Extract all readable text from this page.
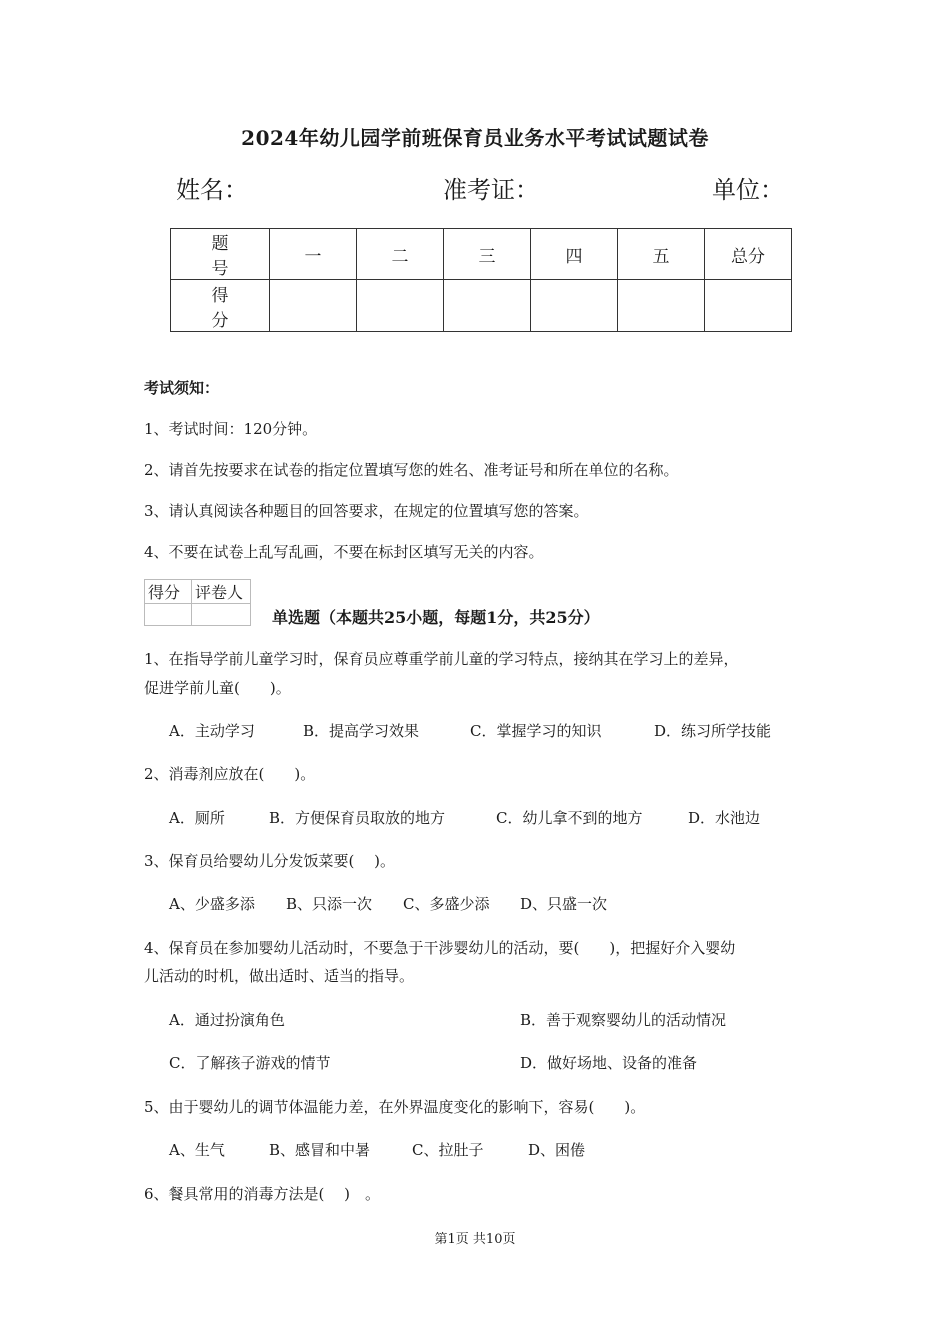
2024年幼儿园学前班保育员业务水平考试试题试卷
姓名：	准考证：	单位：
题　号	一	二	三	四	五	总分
得　分						
考试须知：
1、考试时间：120分钟。
2、请首先按要求在试卷的指定位置填写您的姓名、准考证号和所在单位的名称。
3、请认真阅读各种题目的回答要求，在规定的位置填写您的答案。
4、不要在试卷上乱写乱画，不要在标封区填写无关的内容。
得分	评卷人

单选题（本题共25小题，每题1分，共25分）
1、在指导学前儿童学习时，保育员应尊重学前儿童的学习特点，接纳其在学习上的差异，
促进学前儿童(　　)。
A．主动学习	B．提高学习效果	C．掌握学习的知识	D．练习所学技能
2、消毒剂应放在(　　)。
A．厕所	B．方便保育员取放的地方	C．幼儿拿不到的地方	D．水池边
3、保育员给婴幼儿分发饭菜要(　 )。
A、少盛多添 B、只添一次 C、多盛少添 D、只盛一次
4、保育员在参加婴幼儿活动时，不要急于干涉婴幼儿的活动，要(　　)，把握好介入婴幼
儿活动的时机，做出适时、适当的指导。
A．通过扮演角色	B．善于观察婴幼儿的活动情况
C．了解孩子游戏的情节	D．做好场地、设备的准备
5、由于婴幼儿的调节体温能力差，在外界温度变化的影响下，容易(　　)。
A、生气	B、感冒和中暑	C、拉肚子	D、困倦
6、餐具常用的消毒方法是(　 )　。
第1页 共10页
